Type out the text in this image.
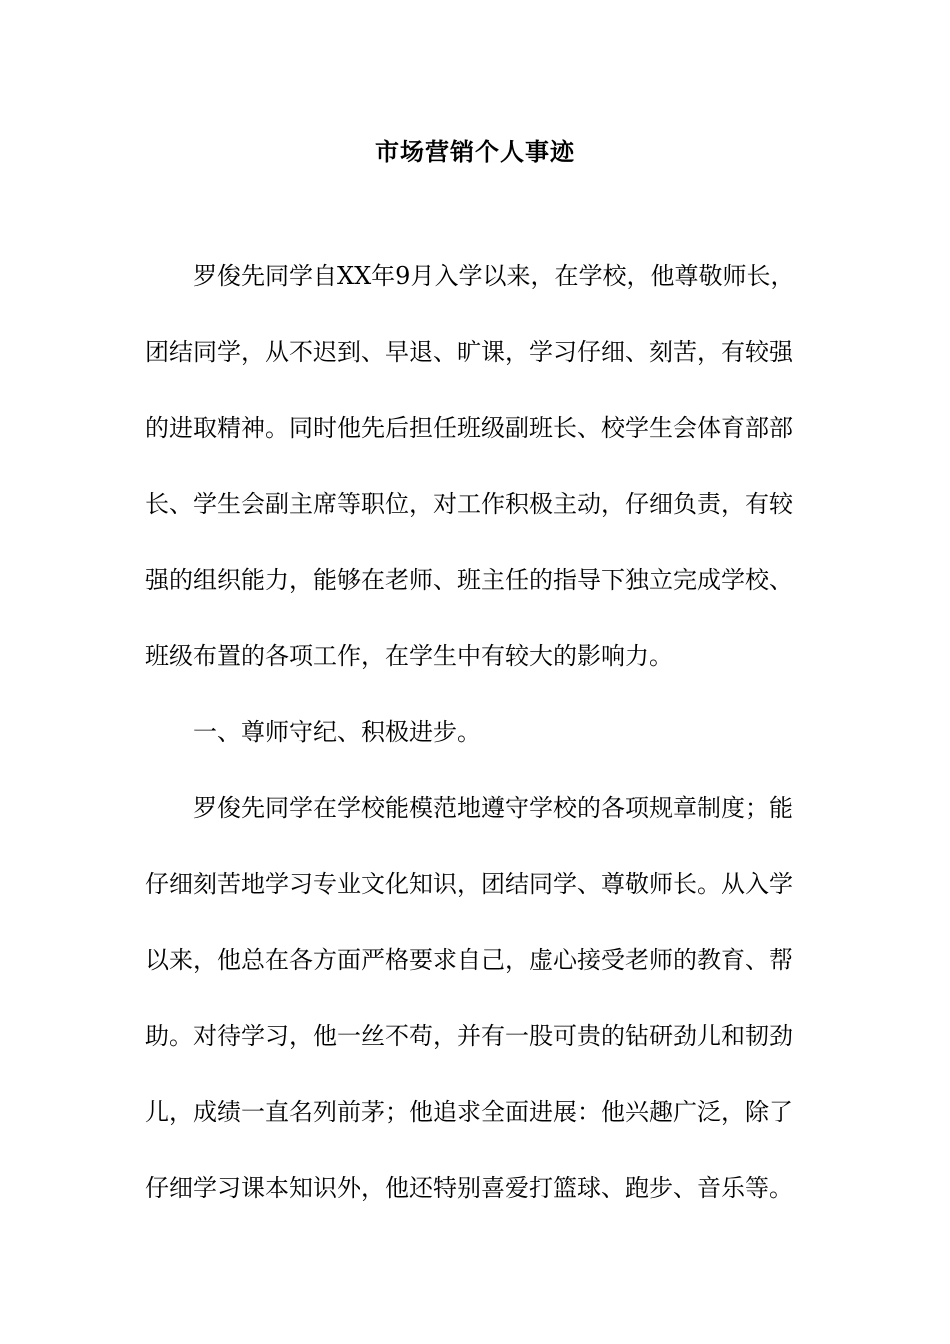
市场营销个人事迹
罗俊先同学自XX年9月入学以来，在学校，他尊敬师长，
团结同学，从不迟到、早退、旷课，学习仔细、刻苦，有较强
的进取精神。同时他先后担任班级副班长、校学生会体育部部
长、学生会副主席等职位，对工作积极主动，仔细负责，有较
强的组织能力，能够在老师、班主任的指导下独立完成学校、
班级布置的各项工作，在学生中有较大的影响力。
一、尊师守纪、积极进步。
罗俊先同学在学校能模范地遵守学校的各项规章制度；能
仔细刻苦地学习专业文化知识，团结同学、尊敬师长。从入学
以来，他总在各方面严格要求自己，虚心接受老师的教育、帮
助。对待学习，他一丝不苟，并有一股可贵的钻研劲儿和韧劲
儿，成绩一直名列前茅；他追求全面进展：他兴趣广泛，除了
仔细学习课本知识外，他还特别喜爱打篮球、跑步、音乐等。
